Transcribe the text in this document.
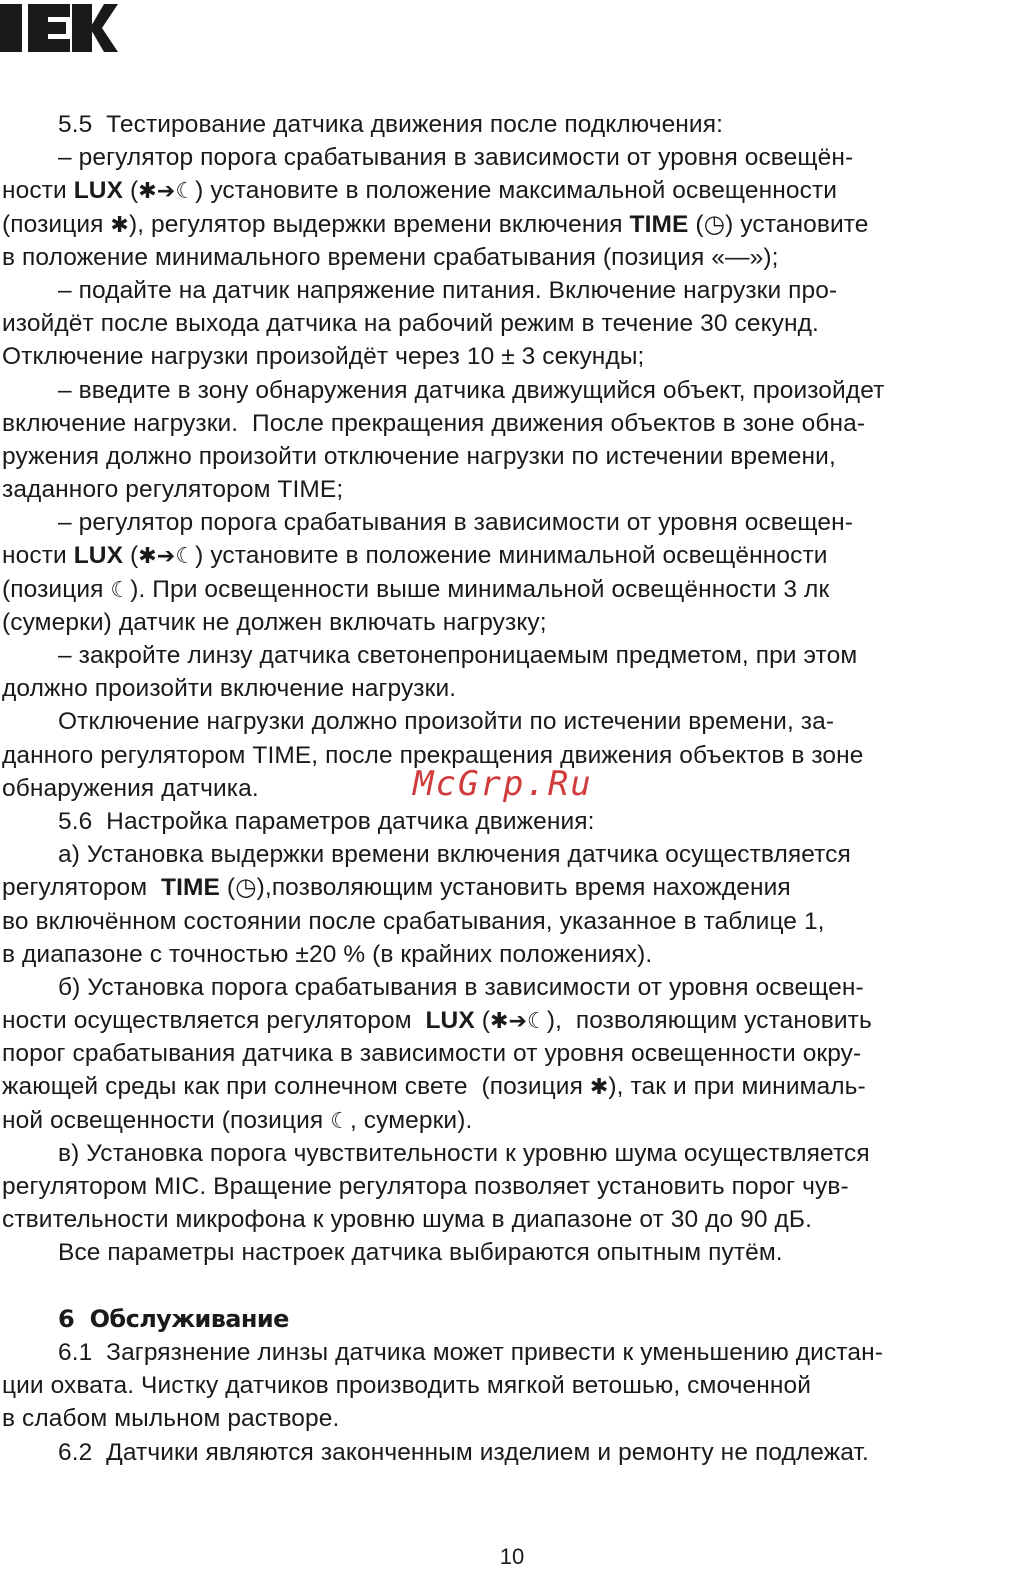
5.5  Тестирование датчика движения после подключения:
– регулятор порога срабатывания в зависимости от уровня освещён-
ности LUX (✱➔☾) установите в положение максимальной освещенности
(позиция ✱), регулятор выдержки времени включения TIME (◷) установите
в положение минимального времени срабатывания (позиция «—»);
– подайте на датчик напряжение питания. Включение нагрузки про-
изойдёт после выхода датчика на рабочий режим в течение 30 секунд.
Отключение нагрузки произойдёт через 10 ± 3 секунды;
– введите в зону обнаружения датчика движущийся объект, произойдет
включение нагрузки.  После прекращения движения объектов в зоне обна-
ружения должно произойти отключение нагрузки по истечении времени,
заданного регулятором TIME;
– регулятор порога срабатывания в зависимости от уровня освещен-
ности LUX (✱➔☾) установите в положение минимальной освещённости
(позиция ☾). При освещенности выше минимальной освещённости 3 лк
(сумерки) датчик не должен включать нагрузку;
– закройте линзу датчика светонепроницаемым предметом, при этом
должно произойти включение нагрузки.
Отключение нагрузки должно произойти по истечении времени, за-
данного регулятором TIME, после прекращения движения объектов в зоне
обнаружения датчика.
5.6  Настройка параметров датчика движения:
а) Установка выдержки времени включения датчика осуществляется
регулятором  TIME (◷),позволяющим установить время нахождения
во включённом состоянии после срабатывания, указанное в таблице 1,
в диапазоне с точностью ±20 % (в крайних положениях).
б) Установка порога срабатывания в зависимости от уровня освещен-
ности осуществляется регулятором  LUX (✱➔☾),  позволяющим установить
порог срабатывания датчика в зависимости от уровня освещенности окру-
жающей среды как при солнечном свете  (позиция ✱), так и при минималь-
ной освещенности (позиция ☾, сумерки).
в) Установка порога чувствительности к уровню шума осуществляется
регулятором MIC. Вращение регулятора позволяет установить порог чув-
ствительности микрофона к уровню шума в диапазоне от 30 до 90 дБ.
Все параметры настроек датчика выбираются опытным путём.
6  Обслуживание
6.1  Загрязнение линзы датчика может привести к уменьшению дистан-
ции охвата. Чистку датчиков производить мягкой ветошью, смоченной
в слабом мыльном растворе.
6.2  Датчики являются законченным изделием и ремонту не подлежат.
McGrp.Ru
10
